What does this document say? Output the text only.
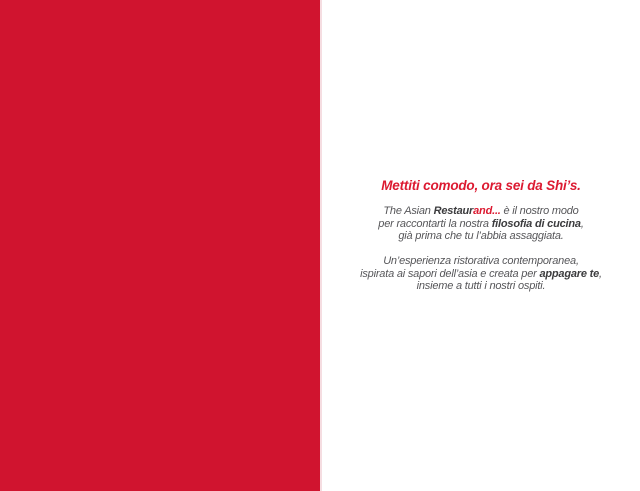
Mettiti comodo, ora sei da Shi’s.

The Asian Restaurand... è il nostro modo
per raccontarti la nostra filosofia di cucina,
già prima che tu l’abbia assaggiata.

Un’esperienza ristorativa contemporanea,
ispirata ai sapori dell’asia e creata per appagare te,
insieme a tutti i nostri ospiti.
